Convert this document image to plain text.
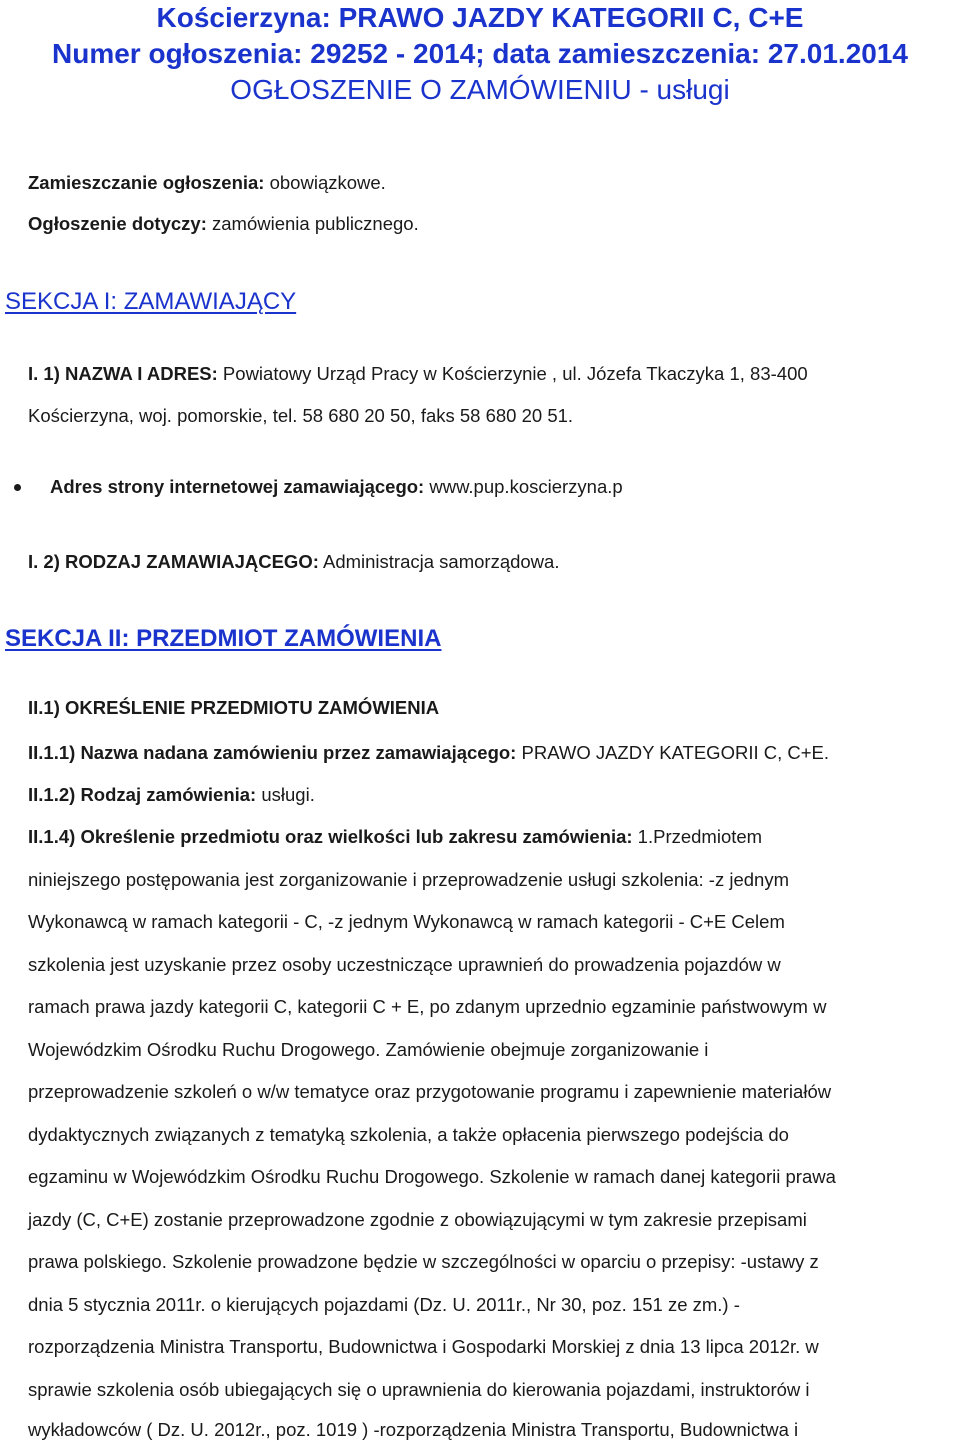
Kościerzyna: PRAWO JAZDY KATEGORII C, C+E
Numer ogłoszenia: 29252 - 2014; data zamieszczenia: 27.01.2014
OGŁOSZENIE O ZAMÓWIENIU - usługi
Zamieszczanie ogłoszenia: obowiązkowe.
Ogłoszenie dotyczy: zamówienia publicznego.
SEKCJA I: ZAMAWIAJĄCY
I. 1) NAZWA I ADRES: Powiatowy Urząd Pracy w Kościerzynie , ul. Józefa Tkaczyka 1, 83-400
Kościerzyna, woj. pomorskie, tel. 58 680 20 50, faks 58 680 20 51.
Adres strony internetowej zamawiającego: www.pup.koscierzyna.p
I. 2) RODZAJ ZAMAWIAJĄCEGO: Administracja samorządowa.
SEKCJA II: PRZEDMIOT ZAMÓWIENIA
II.1) OKREŚLENIE PRZEDMIOTU ZAMÓWIENIA
II.1.1) Nazwa nadana zamówieniu przez zamawiającego: PRAWO JAZDY KATEGORII C, C+E.
II.1.2) Rodzaj zamówienia: usługi.
II.1.4) Określenie przedmiotu oraz wielkości lub zakresu zamówienia: 1.Przedmiotem
niniejszego postępowania jest zorganizowanie i przeprowadzenie usługi szkolenia: -z jednym
Wykonawcą w ramach kategorii - C, -z jednym Wykonawcą w ramach kategorii - C+E Celem
szkolenia jest uzyskanie przez osoby uczestniczące uprawnień do prowadzenia pojazdów w
ramach prawa jazdy kategorii C, kategorii C + E, po zdanym uprzednio egzaminie państwowym w
Wojewódzkim Ośrodku Ruchu Drogowego. Zamówienie obejmuje zorganizowanie i
przeprowadzenie szkoleń o w/w tematyce oraz przygotowanie programu i zapewnienie materiałów
dydaktycznych związanych z tematyką szkolenia, a także opłacenia pierwszego podejścia do
egzaminu w Wojewódzkim Ośrodku Ruchu Drogowego. Szkolenie w ramach danej kategorii prawa
jazdy (C, C+E) zostanie przeprowadzone zgodnie z obowiązującymi w tym zakresie przepisami
prawa polskiego. Szkolenie prowadzone będzie w szczególności w oparciu o przepisy: -ustawy z
dnia 5 stycznia 2011r. o kierujących pojazdami (Dz. U. 2011r., Nr 30, poz. 151 ze zm.) -
rozporządzenia Ministra Transportu, Budownictwa i Gospodarki Morskiej z dnia 13 lipca 2012r. w
sprawie szkolenia osób ubiegających się o uprawnienia do kierowania pojazdami, instruktorów i
wykładowców ( Dz. U. 2012r., poz. 1019 ) -rozporządzenia Ministra Transportu, Budownictwa i
